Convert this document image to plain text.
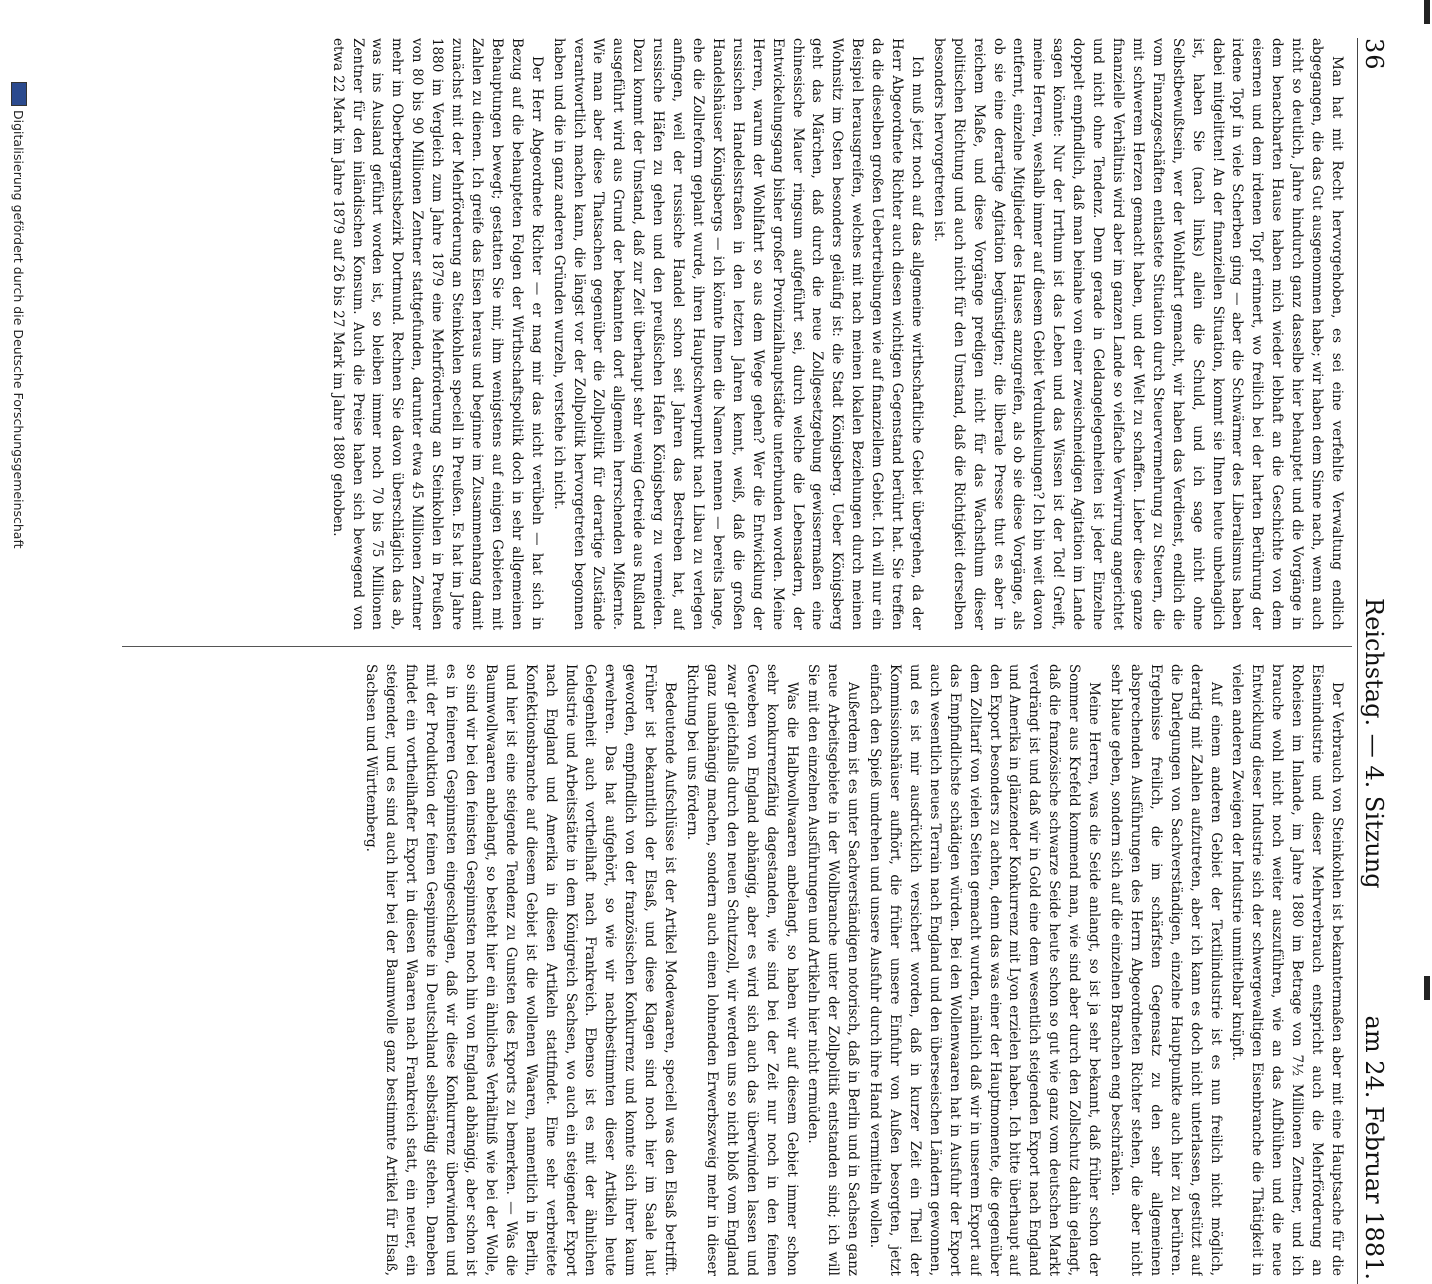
36
Reichstag. — 4. Sitzung
am 24. Februar 1881.

Man hat mit Recht hervorgehoben, es sei eine verfehlte Verwaltung endlich abgegangen, die das Gut ausgenommen habe; wir haben dem Sinne nach, wenn auch nicht so deutlich, Jahre hindurch ganz dasselbe hier behauptet und die Vorgänge in dem benachbarten Hause haben mich wieder lebhaft an die Geschichte von dem eisernen und dem irdenen Topf erinnert, wo freilich bei der harten Berührung der irdene Topf in viele Scherben ging — aber die Schwärmer des Liberalismus haben dabei mitgelitten! An der finanziellen Situation, kommt sie Ihnen heute unbehaglich ist, haben Sie (nach links) allein die Schuld, und ich sage nicht ohne Selbstbewußtsein, wer der Wohlfahrt gemacht, wir haben das Verdienst, endlich die vom Finanzgeschäften entlastete Situation durch Steuervermehrung zu Steuern, die mit schwerem Herzen gemacht haben, und der Welt zu schaffen. Lieber diese ganze finanzielle Verhältnis wird aber im ganzen Lande so vielfache Verwirrung angerichtet und nicht ohne Tendenz. Denn gerade in Geldangelegenheiten ist jeder Einzelne doppelt empfindlich, daß man beinahe von einer zweischneidigen Agitation im Lande sagen könnte: Nur der Irrthum ist das Leben und das Wissen ist der Tod! Greift, meine Herren, weshalb immer auf diesem Gebiet Verdunkelungen? Ich bin weit davon entfernt, einzelne Mitglieder des Hauses anzugreifen, als ob sie diese Vorgänge, als ob sie eine derartige Agitation begünstigten; die liberale Presse thut es aber in reichem Maße, und diese Vorgänge predigen nicht für das Wachsthum dieser politischen Richtung und auch nicht für den Umstand, daß die Richtigkeit derselben besonders hervorgetreten ist.

Ich muß jetzt noch auf das allgemeine wirthschaftliche Gebiet übergehen, da der Herr Abgeordnete Richter auch diesen wichtigen Gegenstand berührt hat. Sie treffen da die dieselben großen Uebertreibungen wie auf finanziellem Gebiet. Ich will nur ein Beispiel herausgreifen, welches mit nach meinen lokalen Beziehungen durch meinen Wohnsitz im Osten besonders geläufig ist: die Stadt Königsberg. Ueber Königsberg geht das Märchen, daß durch die neue Zollgesetzgebung gewissermaßen eine chinesische Mauer ringsum aufgeführt sei, durch welche die Lebensadern, der Entwickelungsgang bisher großer Provinzialhauptstädte unterbunden worden. Meine Herren, warum der Wohlfahrt so aus dem Wege gehen? Wer die Entwicklung der russischen Handelsstraßen in den letzten Jahren kennt, weiß, daß die großen Handelshäuser Königsbergs — ich könnte Ihnen die Namen nennen — bereits lange, ehe die Zollreform geplant wurde, ihren Hauptschwerpunkt nach Libau zu verlegen anfingen, weil der russische Handel schon seit Jahren das Bestreben hat, auf russische Häfen zu gehen und den preußischen Hafen Königsberg zu vermeiden. Dazu kommt der Umstand, daß zur Zeit überhaupt sehr wenig Getreide aus Rußland ausgeführt wird aus Grund der bekannten dort allgemein herrschenden Mißernte. Wie man aber diese Thatsachen gegenüber die Zollpolitik für derartige Zustände verantwortlich machen kann, die längst vor der Zollpolitik hervorgetreten begonnen haben und die in ganz anderen Gründen wurzeln, verstehe ich nicht.

Der Herr Abgeordnete Richter — er mag mir das nicht verübeln — hat sich in Bezug auf die behaupteten Folgen der Wirthschaftspolitik doch in sehr allgemeinen Behauptungen bewegt; gestatten Sie mir, ihm wenigstens auf einigen Gebieten mit Zahlen zu dienen. Ich greife das Eisen heraus und beginne im Zusammenhang damit zunächst mit der Mehrförderung an Steinkohlen speciell in Preußen. Es hat im Jahre 1880 im Vergleich zum Jahre 1879 eine Mehrförderung an Steinkohlen in Preußen von 80 bis 90 Millionen Zentner stattgefunden, darunter etwa 45 Millionen Zentner mehr im Oberbergamtsbezirk Dortmund. Rechnen Sie davon überschläglich das ab, was ins Ausland geführt worden ist, so bleiben immer noch 70 bis 75 Millionen Zentner für den inländischen Konsum. Auch die Preise haben sich bewegend von etwa 22 Mark im Jahre 1879 auf 26 bis 27 Mark im Jahre 1880 gehoben.

Der Verbrauch von Steinkohlen ist bekanntermaßen aber mit eine Hauptsache für die Eisenindustrie und dieser Mehrverbrauch entspricht auch die Mehrförderung an Roheisen im Inlande, im Jahre 1880 im Betrage von 7½ Millionen Zentner, und ich brauche wohl nicht noch weiter auszuführen, wie an das Aufblühen und die neue Entwicklung dieser Industrie sich der schwergewaltigen Eisenbranche die Thätigkeit in vielen anderen Zweigen der Industrie unmittelbar knüpft.

Auf einem anderen Gebiet der Textilindustrie ist es nun freilich nicht möglich, derartig mit Zahlen aufzutreten, aber ich kann es doch nicht unterlassen, gestützt auf die Darlegungen von Sachverständigen, einzelne Hauptpunkte auch hier zu berühren. Ergebnisse freilich, die im schärfsten Gegensatz zu den sehr allgemeinen absprechenden Ausführungen des Herrn Abgeordneten Richter stehen, die aber nicht sehr blaue geben, sondern sich auf die einzelnen Branchen eng beschränken.

Meine Herren, was die Seide anlangt, so ist ja sehr bekannt, daß früher schon der Sommer aus Krefeld kommend man, wie sind aber durch den Zollschutz dahin gelangt, daß die französische schwarze Seide heute schon so gut wie ganz vom deutschen Markt verdrängt ist und daß wir in Gold eine dem wesentlich steigenden Export nach England und Amerika in glänzender Konkurrenz mit Lyon erzielen haben. Ich bitte überhaupt auf den Export besonders zu achten, denn das was einer der Hauptmomente, die gegenüber dem Zolltarif von vielen Seiten gemacht wurden, nämlich daß wir in unserem Export auf das Empfindlichste schädigen würden. Bei den Wollenwaaren hat in Ausfuhr der Export auch wesentlich neues Terrain nach England und den überseeischen Ländern gewonnen, und es ist mir ausdrücklich versichert worden, daß in kurzer Zeit ein Theil der Kommissionshäuser aufhört, die früher unsere Einfuhr von Außen besorgten, jetzt einfach den Spieß umdrehen und unsere Ausfuhr durch ihre Hand vermitteln wollen.

Außerdem ist es unter Sachverständigen notorisch, daß in Berlin und in Sachsen ganz neue Arbeitsgebiete in der Wollbranche unter der Zollpolitik entstanden sind; ich will Sie mit den einzelnen Ausführungen und Artikeln hier nicht ermüden.

Was die Halbwollwaaren anbelangt, so haben wir auf diesem Gebiet immer schon sehr konkurrenzfähig dagestanden, wie sind bei der Zeit nur noch in den feinen Geweben von England abhängig, aber es wird sich auch das überwinden lassen und zwar gleichfalls durch den neuen Schutzzoll, wir werden uns so nicht bloß vom England ganz unabhängig machen, sondern auch einen lohnenden Erwerbszweig mehr in dieser Richtung bei uns fördern.

Bedeutende Aufschlüsse ist der Artikel Modewaaren, speciell was den Elsaß betrifft. Früher ist bekanntlich der Elsaß, und diese Klagen sind noch hier im Saale laut geworden, empfindlich von der französischen Konkurrenz und konnte sich ihrer kaum erwehren. Das hat aufgehört, so wie wir nachbestimmten dieser Artikeln heute Gelegenheit auch vortheilhaft nach Frankreich. Ebenso ist es mit der ähnlichen Industrie und Arbeitsstätte in dem Königreich Sachsen, wo auch ein steigender Export nach England und Amerika in diesen Artikeln stattfindet. Eine sehr verbreitete Konfektionsbranche auf diesem Gebiet ist die wollenen Waaren, namentlich in Berlin, und hier ist eine steigende Tendenz zu Gunsten des Exports zu bemerken. — Was die Baumwollwaaren anbelangt, so besteht hier ein ähnliches Verhältniß wie bei der Wolle, so sind wir bei den feinsten Gespinnsten noch hin von England abhängig, aber schon ist es in feineren Gespinnsten eingeschlagen, daß wir diese Konkurrenz überwinden und mit der Produktion der feinen Gespinnste in Deutschland selbständig stehen. Daneben findet ein vortheilhafter Export in diesen Waaren nach Frankreich statt, ein neuer, ein steigender, und es sind auch hier bei der Baumwolle ganz bestimmte Artikel für Elsaß, Sachsen und Württemberg.

Digitalisierung gefördert durch die Deutsche Forschungsgemeinschaft
